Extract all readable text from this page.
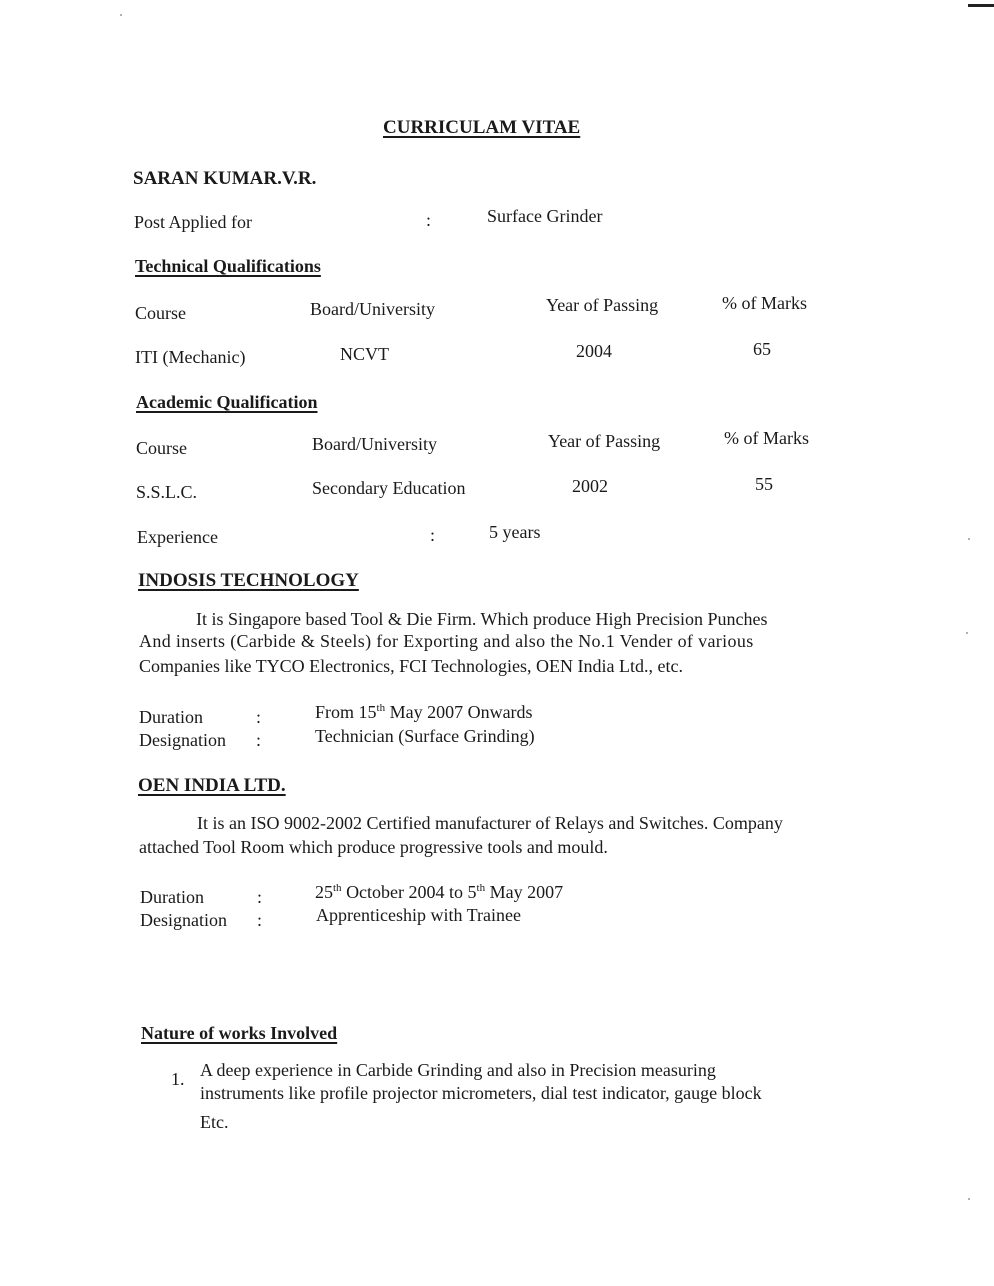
CURRICULAM VITAE
SARAN KUMAR.V.R.
Post Applied for	:	Surface Grinder
Technical Qualifications
Course	Board/University	Year of Passing	% of Marks
ITI (Mechanic)	NCVT	2004	65
Academic Qualification
Course	Board/University	Year of Passing	% of Marks
S.S.L.C.	Secondary Education	2002	55
Experience	:	5 years
INDOSIS TECHNOLOGY
It is Singapore based Tool & Die Firm. Which produce High Precision Punches
And inserts (Carbide & Steels) for Exporting and also the No.1 Vender of various
Companies like TYCO Electronics, FCI Technologies, OEN India Ltd., etc.
Duration	:	From 15th May 2007 Onwards
Designation :	Technician (Surface Grinding)
OEN INDIA LTD.
It is an ISO 9002-2002 Certified manufacturer of Relays and Switches. Company
attached Tool Room which produce progressive tools and mould.
Duration	:	25th October 2004 to 5th May 2007
Designation :	Apprenticeship with Trainee
Nature of works Involved
1. A deep experience in Carbide Grinding and also in Precision measuring
instruments like profile projector micrometers, dial test indicator, gauge block
Etc.
